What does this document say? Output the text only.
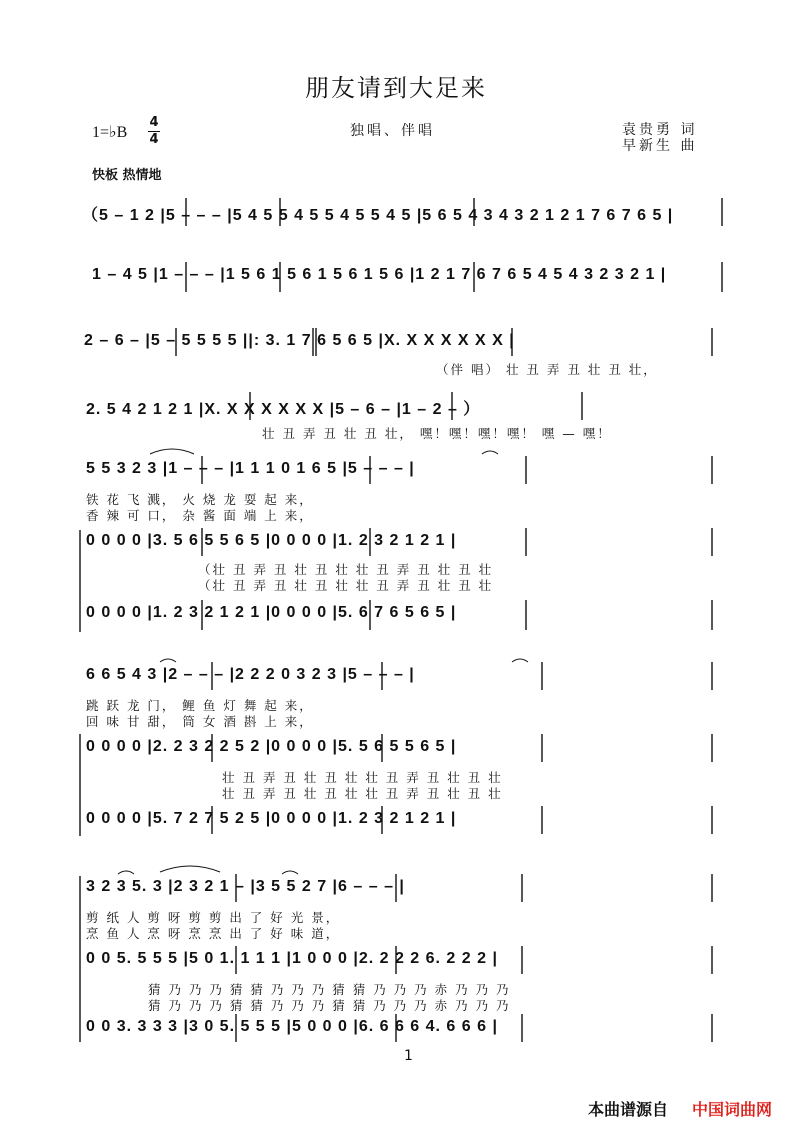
朋友请到大足来
1=♭B
4
4
独唱、伴唱	袁贵勇 词
早新生 曲
快板 热情地
（5 – 1 2 |5 – – – |5 4 5 5 4 5 5 4 5 5 4 5 |5 6 5 4 3 4 3 2 1 2 1 7 6 7 6 5 |
1 – 4 5 |1 – – – |1 5 6 1 5 6 1 5 6 1 5 6 |1 2 1 7 6 7 6 5 4 5 4 3 2 3 2 1 |
2 – 6 – |5 – 5 5 5 5 ||: 3. 1 7 6 5 6 5 |X. X X X X X X |
（伴 唱） 壮 丑 弄 丑 壮 丑 壮，
2. 5 4 2 1 2 1 |X. X X X X X X |5 – 6 – |1 – 2 – ）
壮 丑 弄 丑 壮 丑 壮， 嘿！嘿！嘿！嘿！ 嘿 — 嘿！
5 5 3 2 3 |1 – – – |1 1 1 0 1 6 5 |5 – – – |
铁 花 飞 溅， 火 烧 龙 耍 起 来，
香 辣 可 口， 杂 酱 面 端 上 来，
0 0 0 0 |3. 5 6 5 5 6 5 |0 0 0 0 |1. 2 3 2 1 2 1 |
（壮 丑 弄 丑 壮 丑 壮 壮 丑 弄 丑 壮 丑 壮
（壮 丑 弄 丑 壮 丑 壮 壮 丑 弄 丑 壮 丑 壮
0 0 0 0 |1. 2 3 2 1 2 1 |0 0 0 0 |5. 6 7 6 5 6 5 |
6 6 5 4 3 |2 – – – |2 2 2 0 3 2 3 |5 – – – |
跳 跃 龙 门， 鲤 鱼 灯 舞 起 来，
回 味 甘 甜， 筒 女 酒 斟 上 来，
0 0 0 0 |2. 2 3 2 2 5 2 |0 0 0 0 |5. 5 6 5 5 6 5 |
壮 丑 弄 丑 壮 丑 壮 壮 丑 弄 丑 壮 丑 壮
壮 丑 弄 丑 壮 丑 壮 壮 丑 弄 丑 壮 丑 壮
0 0 0 0 |5. 7 2 7 5 2 5 |0 0 0 0 |1. 2 3 2 1 2 1 |
3 2 3 5. 3 |2 3 2 1 – |3 5 5 2 7 |6 – – – |
剪 纸 人 剪 呀 剪 剪 出 了 好 光 景，
烹 鱼 人 烹 呀 烹 烹 出 了 好 味 道，
0 0 5. 5 5 5 |5 0 1. 1 1 1 |1 0 0 0 |2. 2 2 2 6. 2 2 2 |
猜 乃 乃 乃 猜 猜 乃 乃 乃 猜 猜 乃 乃 乃 赤 乃 乃 乃
猜 乃 乃 乃 猜 猜 乃 乃 乃 猜 猜 乃 乃 乃 赤 乃 乃 乃
0 0 3. 3 3 3 |3 0 5. 5 5 5 |5 0 0 0 |6. 6 6 6 4. 6 6 6 |
1
本曲谱源自 中国词曲网
